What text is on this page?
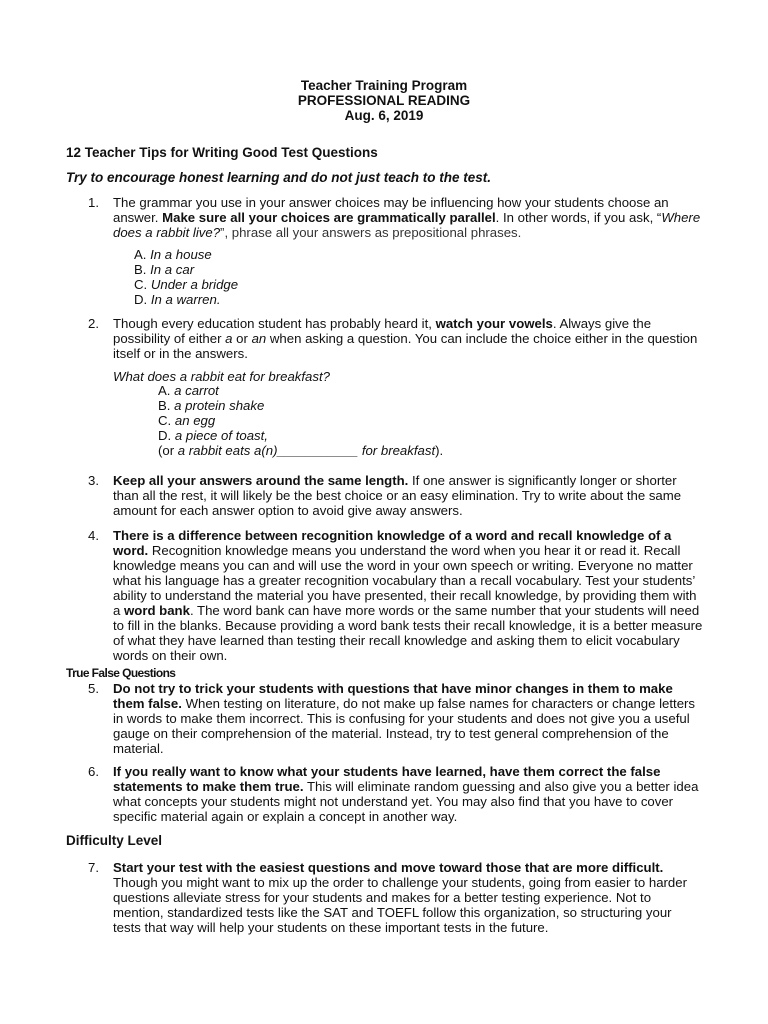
Teacher Training Program
PROFESSIONAL READING
Aug. 6, 2019
12 Teacher Tips for Writing Good Test Questions
Try to encourage honest learning and do not just teach to the test.
1. The grammar you use in your answer choices may be influencing how your students choose an answer. Make sure all your choices are grammatically parallel. In other words, if you ask, “Where does a rabbit live?”, phrase all your answers as prepositional phrases.
A. In a house
B. In a car
C. Under a bridge
D. In a warren.
2. Though every education student has probably heard it, watch your vowels. Always give the possibility of either a or an when asking a question. You can include the choice either in the question itself or in the answers.
What does a rabbit eat for breakfast?
A. a carrot
B. a protein shake
C. an egg
D. a piece of toast,
(or a rabbit eats a(n)___________ for breakfast).
3. Keep all your answers around the same length. If one answer is significantly longer or shorter than all the rest, it will likely be the best choice or an easy elimination. Try to write about the same amount for each answer option to avoid give away answers.
4. There is a difference between recognition knowledge of a word and recall knowledge of a word. Recognition knowledge means you understand the word when you hear it or read it. Recall knowledge means you can and will use the word in your own speech or writing. Everyone no matter what his language has a greater recognition vocabulary than a recall vocabulary. Test your students’ ability to understand the material you have presented, their recall knowledge, by providing them with a word bank. The word bank can have more words or the same number that your students will need to fill in the blanks. Because providing a word bank tests their recall knowledge, it is a better measure of what they have learned than testing their recall knowledge and asking them to elicit vocabulary words on their own.
True False Questions
5. Do not try to trick your students with questions that have minor changes in them to make them false. When testing on literature, do not make up false names for characters or change letters in words to make them incorrect. This is confusing for your students and does not give you a useful gauge on their comprehension of the material. Instead, try to test general comprehension of the material.
6. If you really want to know what your students have learned, have them correct the false statements to make them true. This will eliminate random guessing and also give you a better idea what concepts your students might not understand yet. You may also find that you have to cover specific material again or explain a concept in another way.
Difficulty Level
7. Start your test with the easiest questions and move toward those that are more difficult. Though you might want to mix up the order to challenge your students, going from easier to harder questions alleviate stress for your students and makes for a better testing experience. Not to mention, standardized tests like the SAT and TOEFL follow this organization, so structuring your tests that way will help your students on these important tests in the future.
